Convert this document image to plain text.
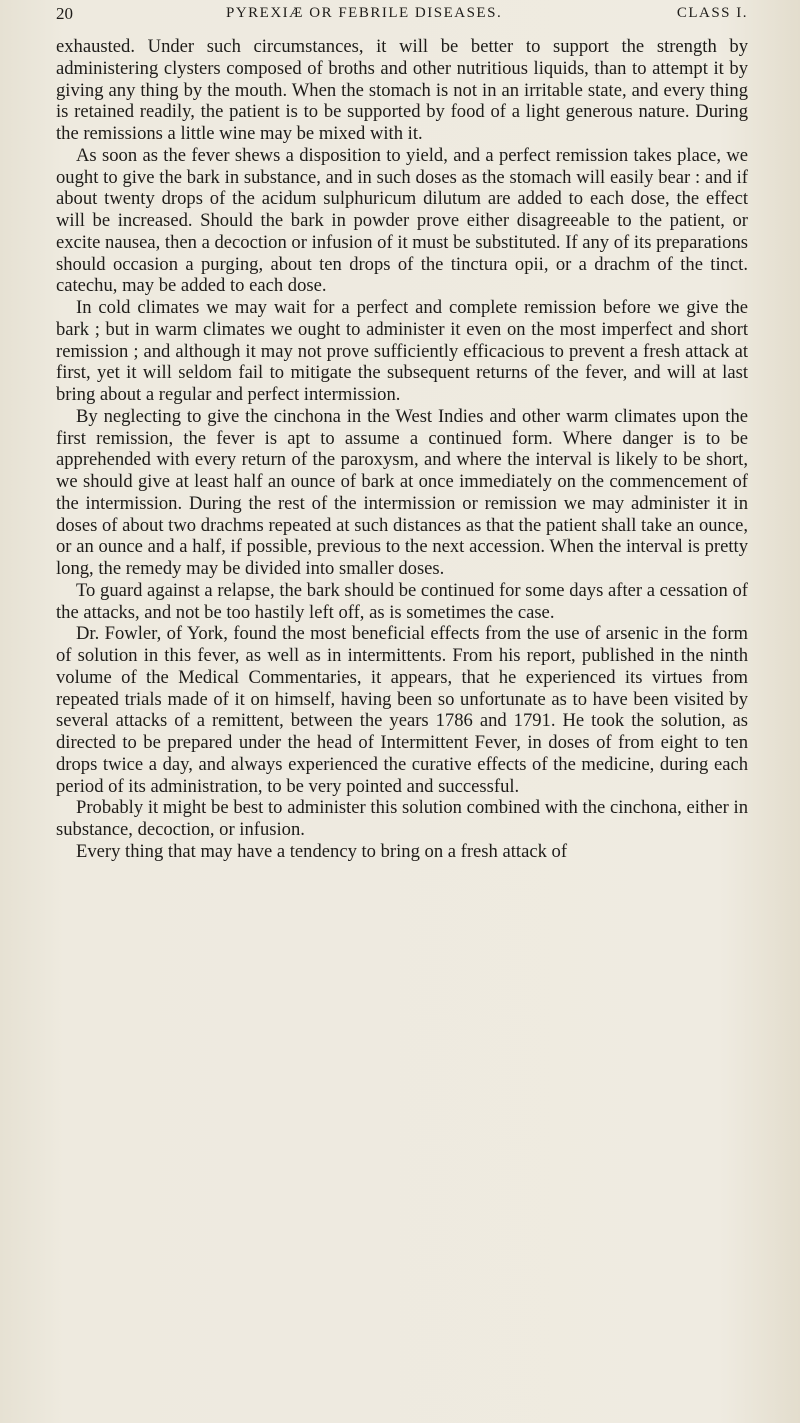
20	PYREXIÆ OR FEBRILE DISEASES.	CLASS I.

exhausted. Under such circumstances, it will be better to support the strength by administering clysters composed of broths and other nutritious liquids, than to attempt it by giving any thing by the mouth. When the stomach is not in an irritable state, and every thing is retained readily, the patient is to be supported by food of a light generous nature. During the remissions a little wine may be mixed with it.

As soon as the fever shews a disposition to yield, and a perfect remission takes place, we ought to give the bark in substance, and in such doses as the stomach will easily bear : and if about twenty drops of the acidum sulphuricum dilutum are added to each dose, the effect will be increased. Should the bark in powder prove either disagreeable to the patient, or excite nausea, then a decoction or infusion of it must be substituted. If any of its preparations should occasion a purging, about ten drops of the tinctura opii, or a drachm of the tinct. catechu, may be added to each dose.

In cold climates we may wait for a perfect and complete remission before we give the bark ; but in warm climates we ought to administer it even on the most imperfect and short remission ; and although it may not prove sufficiently efficacious to prevent a fresh attack at first, yet it will seldom fail to mitigate the subsequent returns of the fever, and will at last bring about a regular and perfect intermission.

By neglecting to give the cinchona in the West Indies and other warm climates upon the first remission, the fever is apt to assume a continued form. Where danger is to be apprehended with every return of the paroxysm, and where the interval is likely to be short, we should give at least half an ounce of bark at once immediately on the commencement of the intermission. During the rest of the intermission or remission we may administer it in doses of about two drachms repeated at such distances as that the patient shall take an ounce, or an ounce and a half, if possible, previous to the next accession. When the interval is pretty long, the remedy may be divided into smaller doses.

To guard against a relapse, the bark should be continued for some days after a cessation of the attacks, and not be too hastily left off, as is sometimes the case.

Dr. Fowler, of York, found the most beneficial effects from the use of arsenic in the form of solution in this fever, as well as in intermittents. From his report, published in the ninth volume of the Medical Commentaries, it appears, that he experienced its virtues from repeated trials made of it on himself, having been so unfortunate as to have been visited by several attacks of a remittent, between the years 1786 and 1791. He took the solution, as directed to be prepared under the head of Intermittent Fever, in doses of from eight to ten drops twice a day, and always experienced the curative effects of the medicine, during each period of its administration, to be very pointed and successful.

Probably it might be best to administer this solution combined with the cinchona, either in substance, decoction, or infusion.

Every thing that may have a tendency to bring on a fresh attack of
